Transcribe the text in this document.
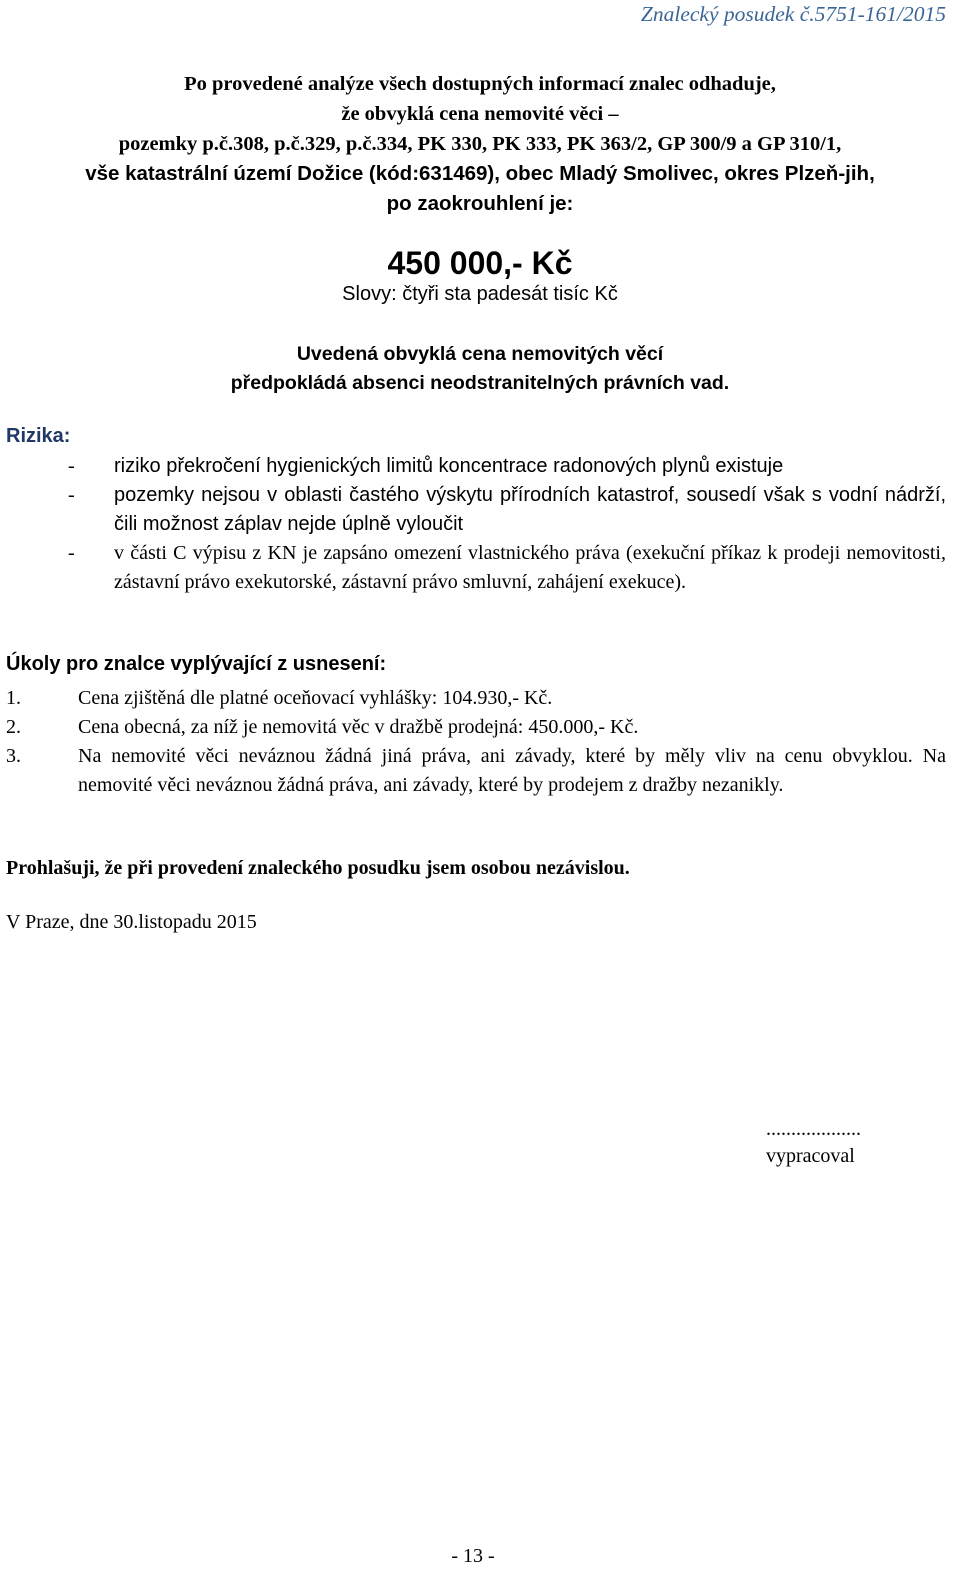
Znalecký posudek č.5751-161/2015
Po provedené analýze všech dostupných informací znalec odhaduje,
že obvyklá cena nemovité věci –
pozemky p.č.308, p.č.329, p.č.334, PK 330, PK 333, PK 363/2, GP 300/9 a GP 310/1,
vše katastrální území Dožice (kód:631469), obec Mladý Smolivec, okres Plzeň-jih,
po zaokrouhlení je:
450 000,- Kč
Slovy: čtyři sta padesát tisíc Kč
Uvedená obvyklá cena nemovitých věcí
předpokládá absenci neodstranitelných právních vad.
Rizika:
- riziko překročení hygienických limitů koncentrace radonových plynů existuje
- pozemky nejsou v oblasti častého výskytu přírodních katastrof, sousedí však s vodní nádrží, čili možnost záplav nejde úplně vyloučit
- v části C výpisu z KN je zapsáno omezení vlastnického práva (exekuční příkaz k prodeji nemovitosti, zástavní právo exekutorské, zástavní právo smluvní, zahájení exekuce).
Úkoly pro znalce vyplývající z usnesení:
1.	Cena zjištěná dle platné oceňovací vyhlášky: 104.930,- Kč.
2.	Cena obecná, za níž je nemovitá věc v dražbě prodejná: 450.000,- Kč.
3.	Na nemovité věci neváznou žádná jiná práva, ani závady, které by měly vliv na cenu obvyklou. Na nemovité věci neváznou žádná práva, ani závady, které by prodejem z dražby nezanikly.
Prohlašuji, že při provedení znaleckého posudku jsem osobou nezávislou.
V Praze, dne 30.listopadu 2015
...................
vypracoval
- 13 -
